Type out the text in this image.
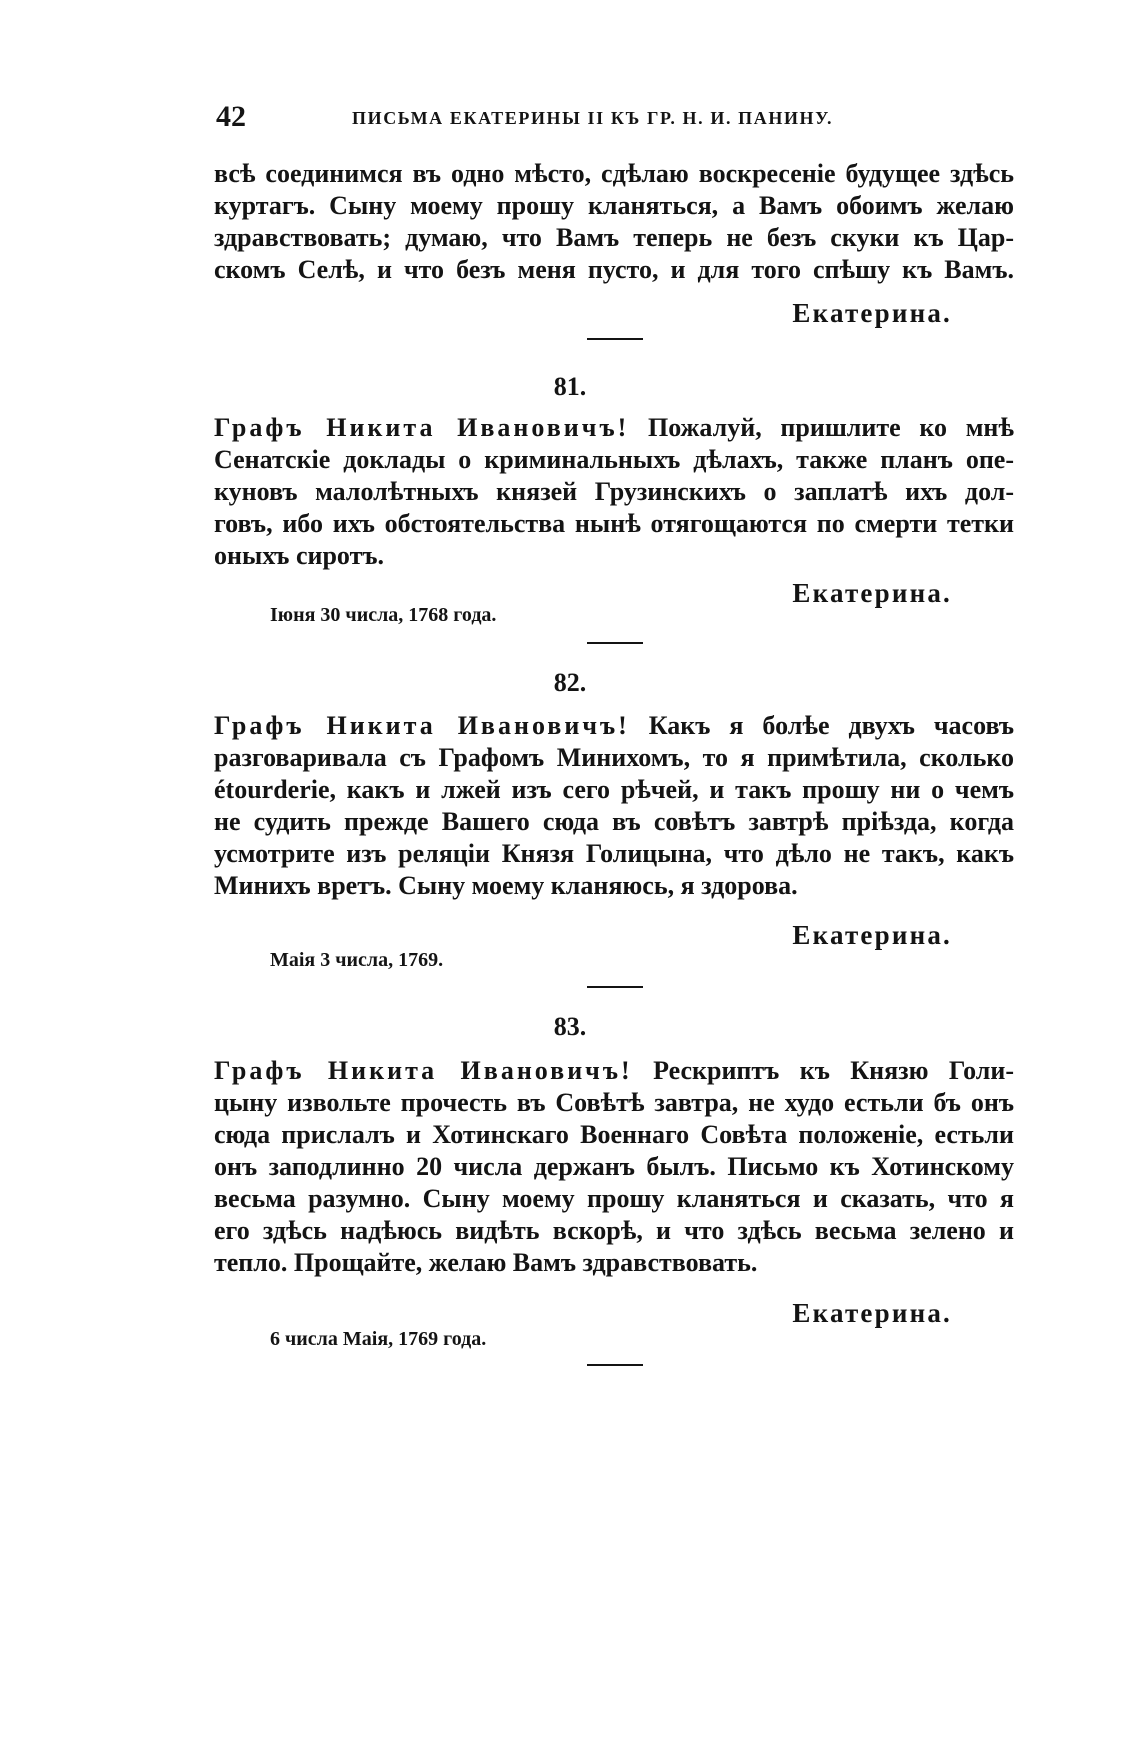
42	ПИСЬМА ЕКАТЕРИНЫ II КЪ ГР. Н. И. ПАНИНУ.
всѣ соединимся въ одно мѣсто, сдѣлаю воскресеніе будущее здѣсь
куртагъ. Сыну моему прошу кланяться, а Вамъ обоимъ желаю
здравствовать; думаю, что Вамъ теперь не безъ скуки къ Цар-
скомъ Селѣ, и что безъ меня пусто, и для того спѣшу къ Вамъ.
Екатерина.
81.
Графъ Никита Ивановичъ! Пожалуй, пришлите ко мнѣ
Сенатскіе доклады о криминальныхъ дѣлахъ, также планъ опе-
куновъ малолѣтныхъ князей Грузинскихъ о заплатѣ ихъ дол-
говъ, ибо ихъ обстоятельства нынѣ отягощаются по смерти тетки
оныхъ сиротъ.
Екатерина.
Іюня 30 числа, 1768 года.
82.
Графъ Никита Ивановичъ! Какъ я болѣе двухъ часовъ
разговаривала съ Графомъ Минихомъ, то я примѣтила, сколько
étourderie, какъ и лжей изъ сего рѣчей, и такъ прошу ни о чемъ
не судить прежде Вашего сюда въ совѣтъ завтрѣ пріѣзда, когда
усмотрите изъ реляціи Князя Голицына, что дѣло не такъ, какъ
Минихъ вретъ. Сыну моему кланяюсь, я здорова.
Екатерина.
Маія 3 числа, 1769.
83.
Графъ Никита Ивановичъ! Рескриптъ къ Князю Голи-
цыну извольте прочесть въ Совѣтѣ завтра, не худо естьли бъ онъ
сюда прислалъ и Хотинскаго Военнаго Совѣта положеніе, естьли
онъ заподлинно 20 числа держанъ былъ. Письмо къ Хотинскому
весьма разумно. Сыну моему прошу кланяться и сказать, что я
его здѣсь надѣюсь видѣть вскорѣ, и что здѣсь весьма зелено и
тепло. Прощайте, желаю Вамъ здравствовать.
Екатерина.
6 числа Маія, 1769 года.
